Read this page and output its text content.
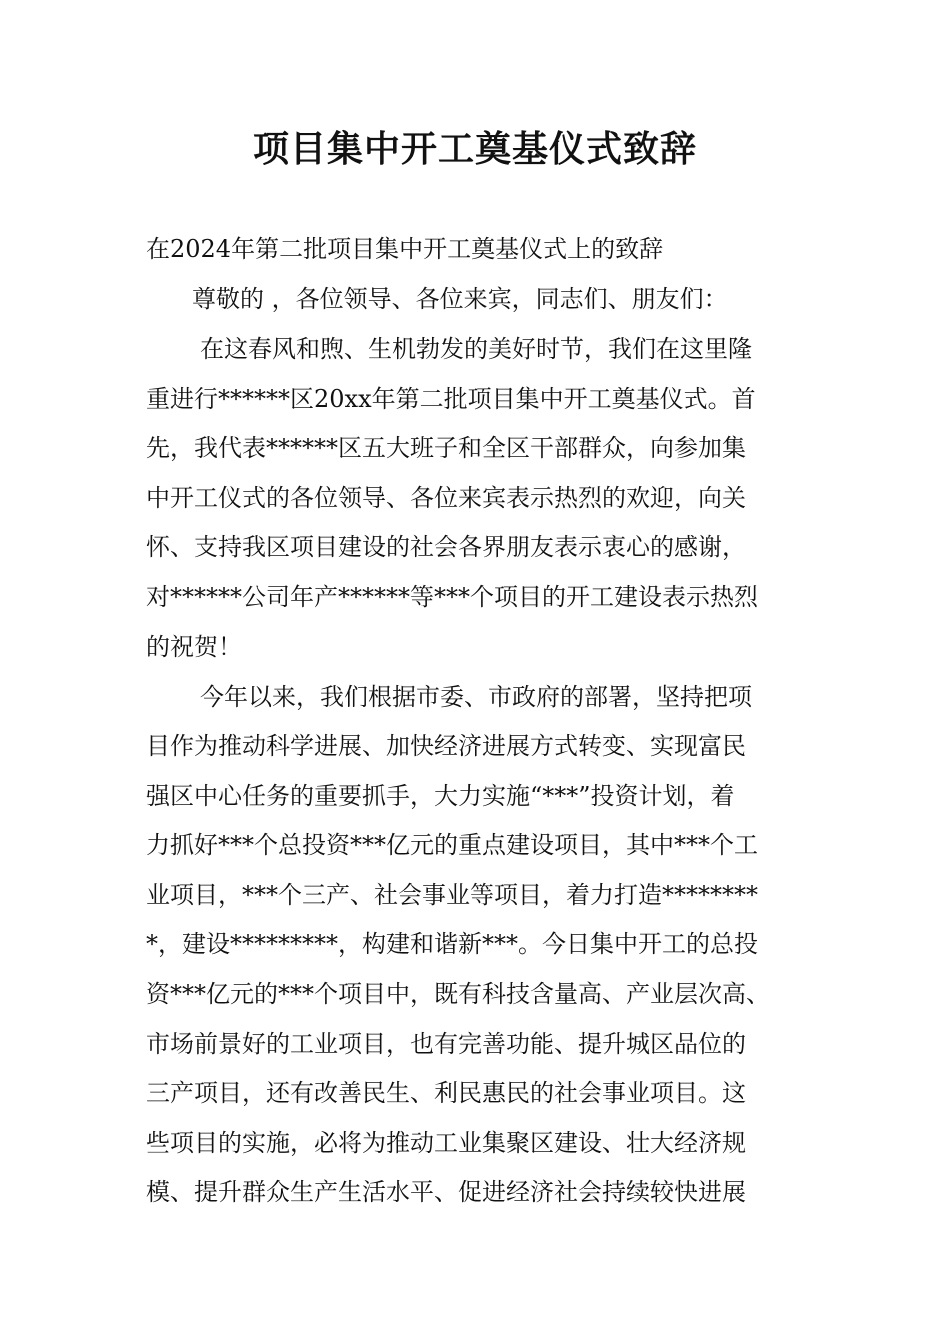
项目集中开工奠基仪式致辞

在2024年第二批项目集中开工奠基仪式上的致辞

尊敬的 ，各位领导、各位来宾，同志们、朋友们：

在这春风和煦、生机勃发的美好时节，我们在这里隆

重进行******区20xx年第二批项目集中开工奠基仪式。首

先，我代表******区五大班子和全区干部群众，向参加集

中开工仪式的各位领导、各位来宾表示热烈的欢迎，向关

怀、支持我区项目建设的社会各界朋友表示衷心的感谢，

对******公司年产******等***个项目的开工建设表示热烈

的祝贺！

今年以来，我们根据市委、市政府的部署，坚持把项

目作为推动科学进展、加快经济进展方式转变、实现富民

强区中心任务的重要抓手，大力实施“***”投资计划，着

力抓好***个总投资***亿元的重点建设项目，其中***个工

业项目，***个三产、社会事业等项目，着力打造********

*，建设*********，构建和谐新***。今日集中开工的总投

资***亿元的***个项目中，既有科技含量高、产业层次高、

市场前景好的工业项目，也有完善功能、提升城区品位的

三产项目，还有改善民生、利民惠民的社会事业项目。这

些项目的实施，必将为推动工业集聚区建设、壮大经济规

模、提升群众生产生活水平、促进经济社会持续较快进展
